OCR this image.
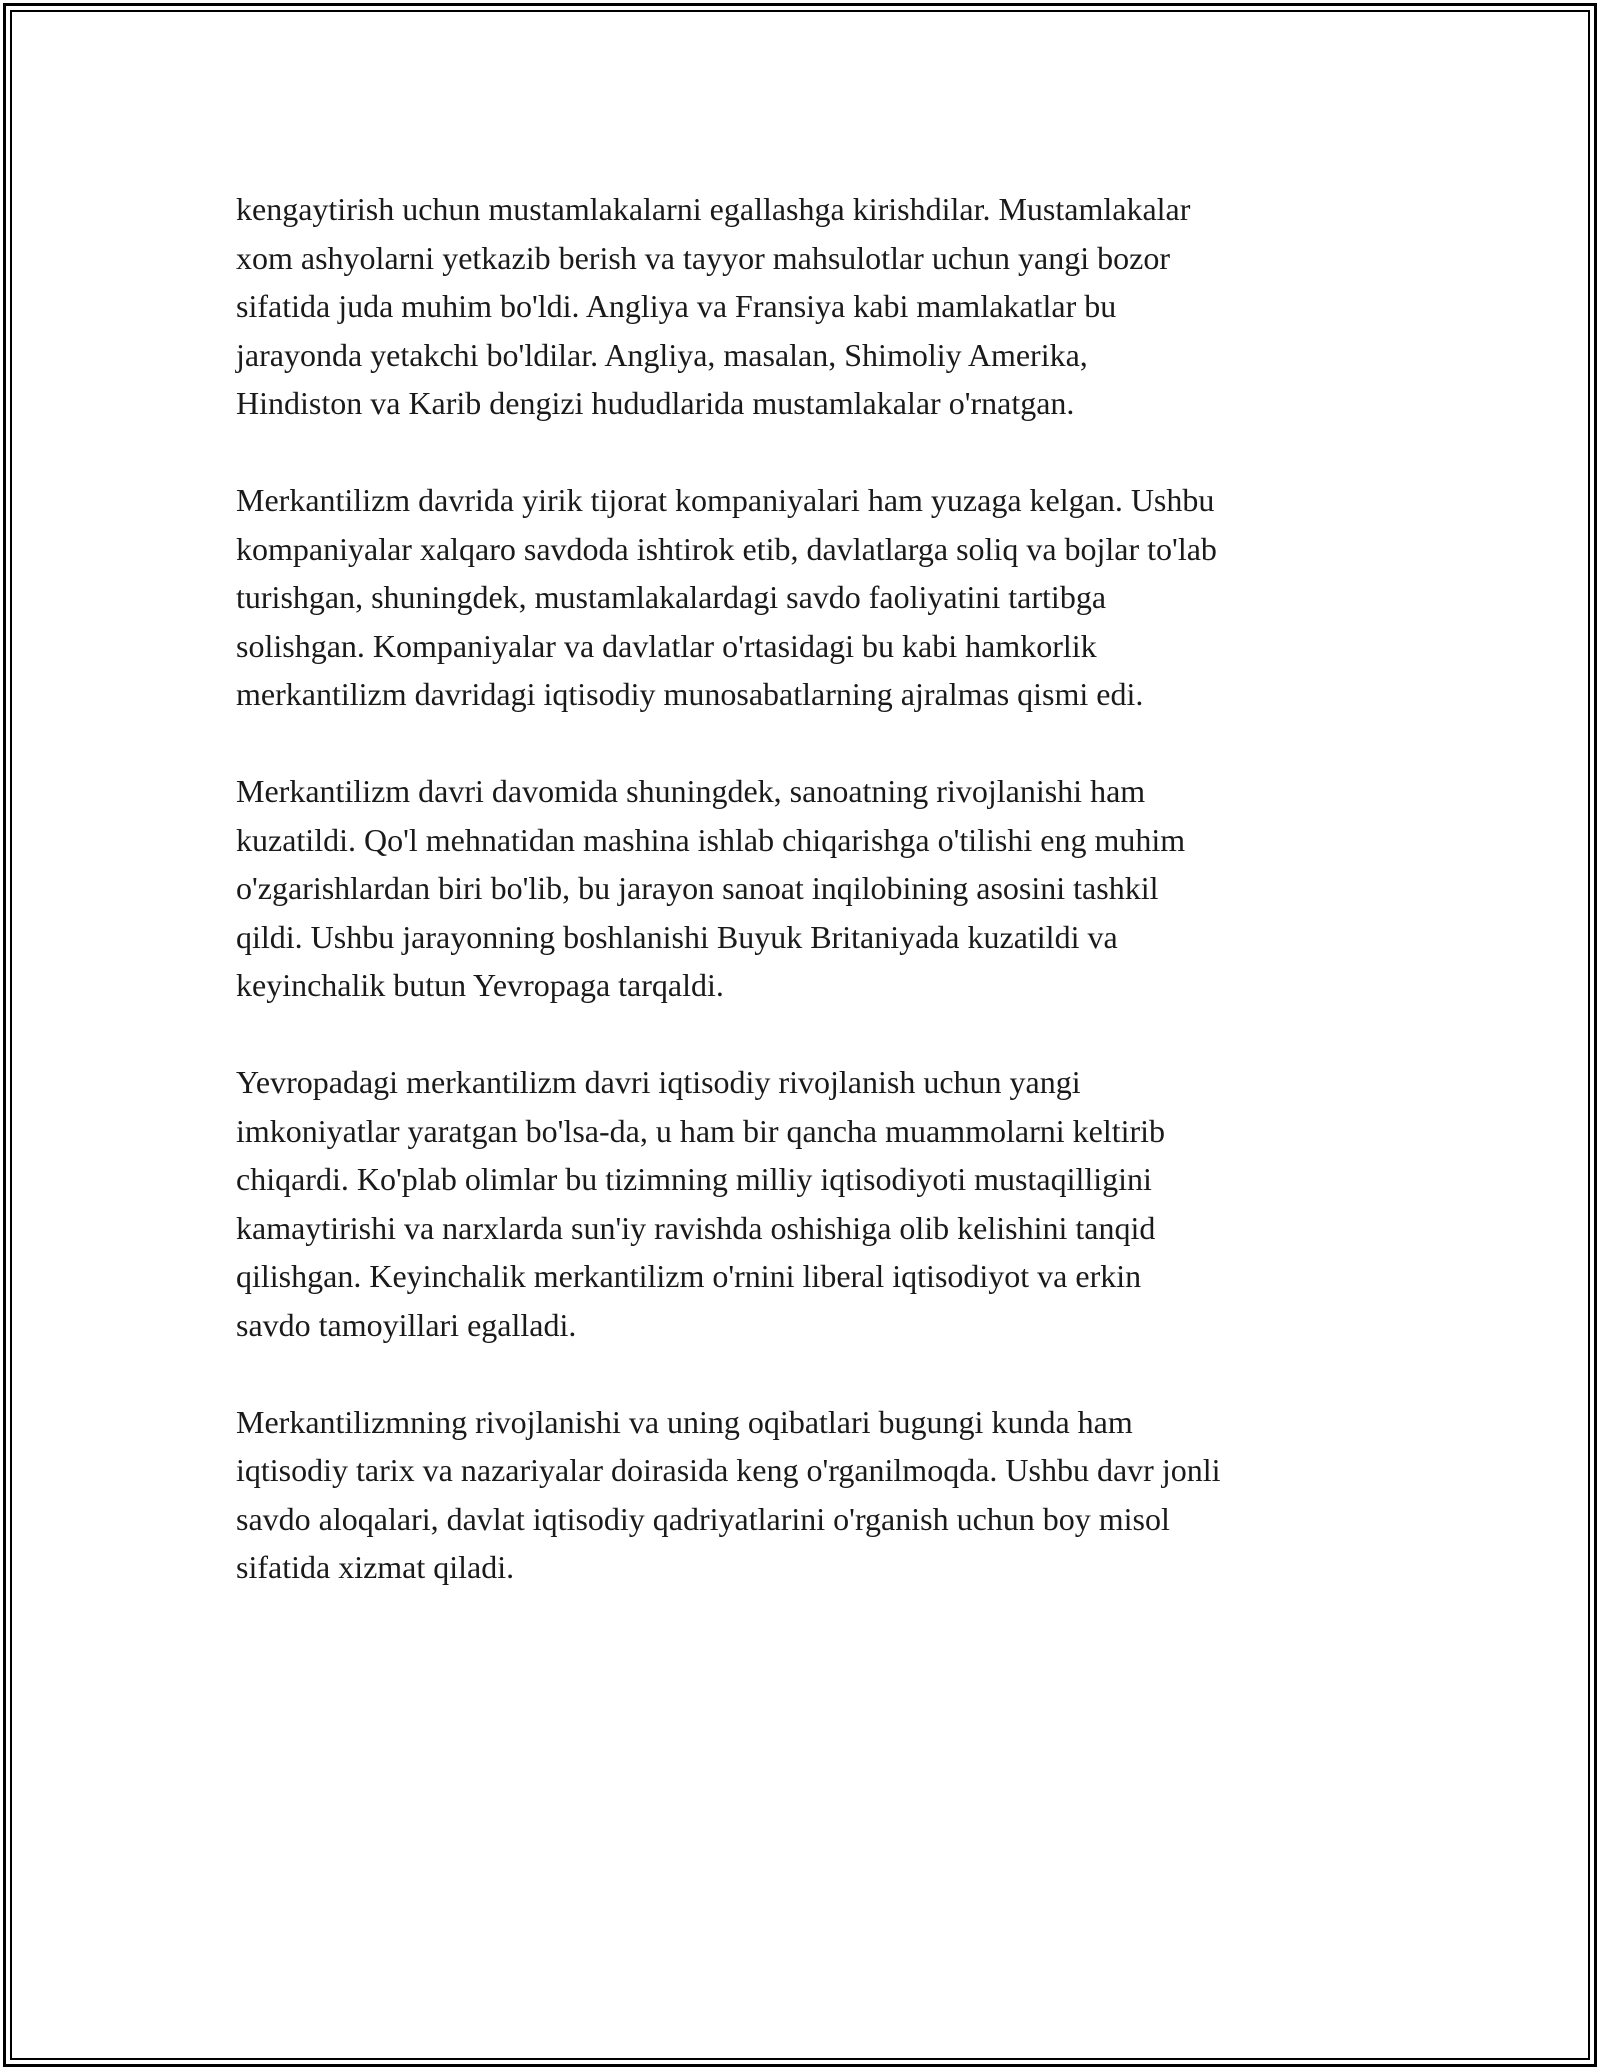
kengaytirish uchun mustamlakalarni egallashga kirishdilar. Mustamlakalar
xom ashyolarni yetkazib berish va tayyor mahsulotlar uchun yangi bozor
sifatida juda muhim bo'ldi. Angliya va Fransiya kabi mamlakatlar bu
jarayonda yetakchi bo'ldilar. Angliya, masalan, Shimoliy Amerika,
Hindiston va Karib dengizi hududlarida mustamlakalar o'rnatgan.
Merkantilizm davrida yirik tijorat kompaniyalari ham yuzaga kelgan. Ushbu
kompaniyalar xalqaro savdoda ishtirok etib, davlatlarga soliq va bojlar to'lab
turishgan, shuningdek, mustamlakalardagi savdo faoliyatini tartibga
solishgan. Kompaniyalar va davlatlar o'rtasidagi bu kabi hamkorlik
merkantilizm davridagi iqtisodiy munosabatlarning ajralmas qismi edi.
Merkantilizm davri davomida shuningdek, sanoatning rivojlanishi ham
kuzatildi. Qo'l mehnatidan mashina ishlab chiqarishga o'tilishi eng muhim
o'zgarishlardan biri bo'lib, bu jarayon sanoat inqilobining asosini tashkil
qildi. Ushbu jarayonning boshlanishi Buyuk Britaniyada kuzatildi va
keyinchalik butun Yevropaga tarqaldi.
Yevropadagi merkantilizm davri iqtisodiy rivojlanish uchun yangi
imkoniyatlar yaratgan bo'lsa-da, u ham bir qancha muammolarni keltirib
chiqardi. Ko'plab olimlar bu tizimning milliy iqtisodiyoti mustaqilligini
kamaytirishi va narxlarda sun'iy ravishda oshishiga olib kelishini tanqid
qilishgan. Keyinchalik merkantilizm o'rnini liberal iqtisodiyot va erkin
savdo tamoyillari egalladi.
Merkantilizmning rivojlanishi va uning oqibatlari bugungi kunda ham
iqtisodiy tarix va nazariyalar doirasida keng o'rganilmoqda. Ushbu davr jonli
savdo aloqalari, davlat iqtisodiy qadriyatlarini o'rganish uchun boy misol
sifatida xizmat qiladi.
